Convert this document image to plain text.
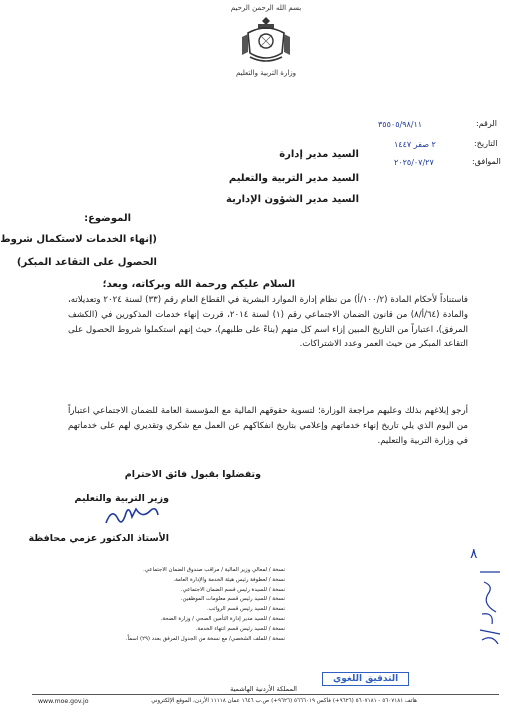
بسم الله الرحمن الرحيم
وزارة التربية والتعليم
الرقم:
٣٥٥٠٥/٩٨/١١
التاريخ:
٢ صفر ١٤٤٧
الموافق:
٢٠٢٥/٠٧/٢٧
السيد مدير إدارة
السيد مدير التربية والتعليم
السيد مدير الشؤون الإدارية
الموضوع:
(إنهاء الخدمات لاستكمال شروط
الحصول على التقاعد المبكر)
السلام عليكم ورحمة الله وبركاته، وبعد؛
فاستناداً لأحكام المادة (١٠٠/٢/أ) من نظام إدارة الموارد البشرية في القطاع العام رقم (٣٣) لسنة ٢٠٢٤ وتعديلاته، والمادة (٦٤/أ/٨) من قانون الضمان الاجتماعي رقم (١) لسنة ٢٠١٤، قررت إنهاء خدمات المذكورين في (الكشف المرفق)، اعتباراً من التاريخ المبين إزاء اسم كل منهم (بناءً على طلبهم)، حيث إنهم استكملوا شروط الحصول على التقاعد المبكر من حيث العمر وعدد الاشتراكات.
أرجو إبلاغهم بذلك وعليهم مراجعة الوزارة؛ لتسوية حقوقهم المالية مع المؤسسة العامة للضمان الاجتماعي اعتباراً من اليوم الذي يلي تاريخ إنهاء خدماتهم وإعلامي بتاريخ انفكاكهم عن العمل مع شكري وتقديري لهم على خدماتهم في وزارة التربية والتعليم.
وتفضلوا بقبول فائق الاحترام
وزير التربية والتعليم
الأستاذ الدكتور عزمي محافظة
٨
نسخة / لمعالي وزير المالية / مراقب صندوق الضمان الاجتماعي.
نسخة / لعطوفة رئيس هيئة الخدمة والإدارة العامة.
نسخة / للسيدة رئيس قسم الضمان الاجتماعي.
نسخة / للسيد رئيس قسم معلومات الموظفين.
نسخة / للسيد رئيس قسم الرواتب.
نسخة / للسيد مدير إدارة التأمين الصحي / وزارة الصحة.
نسخة / للسيد رئيس قسم انتهاء الخدمة.
نسخة / للملف الشخصي/ مع نسخة من الجدول المرفق بعدد (٢٩) اسماً.
التدقيق اللغوي
المملكة الأردنية الهاشمية
هاتف ٥٦٠٧١٨١ - ٥٦٠٧١٨١ (٩٦٢٦+) فاكس ٥٦٦٦٠١٩ (٩٦٢٦+) ص.ب ١٦٤٦ عمان ١١١١٨ الأردن، الموقع الإلكتروني
www.moe.gov.jo
